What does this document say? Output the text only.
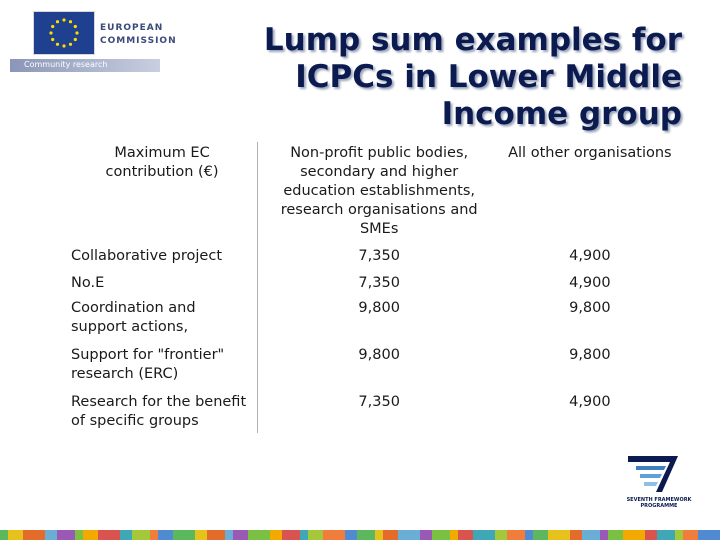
EUROPEAN
COMMISSION
Community research
Lump sum examples for
ICPCs in Lower Middle
Income group
Maximum EC contribution (€)	Non-profit public bodies, secondary and higher education establishments, research organisations and SMEs	All other organisations
Collaborative project	7,350	4,900
No.E	7,350	4,900
Coordination and support actions,	9,800	9,800
Support for "frontier" research (ERC)	9,800	9,800
Research for the benefit of specific groups	7,350	4,900
SEVENTH FRAMEWORK
PROGRAMME
